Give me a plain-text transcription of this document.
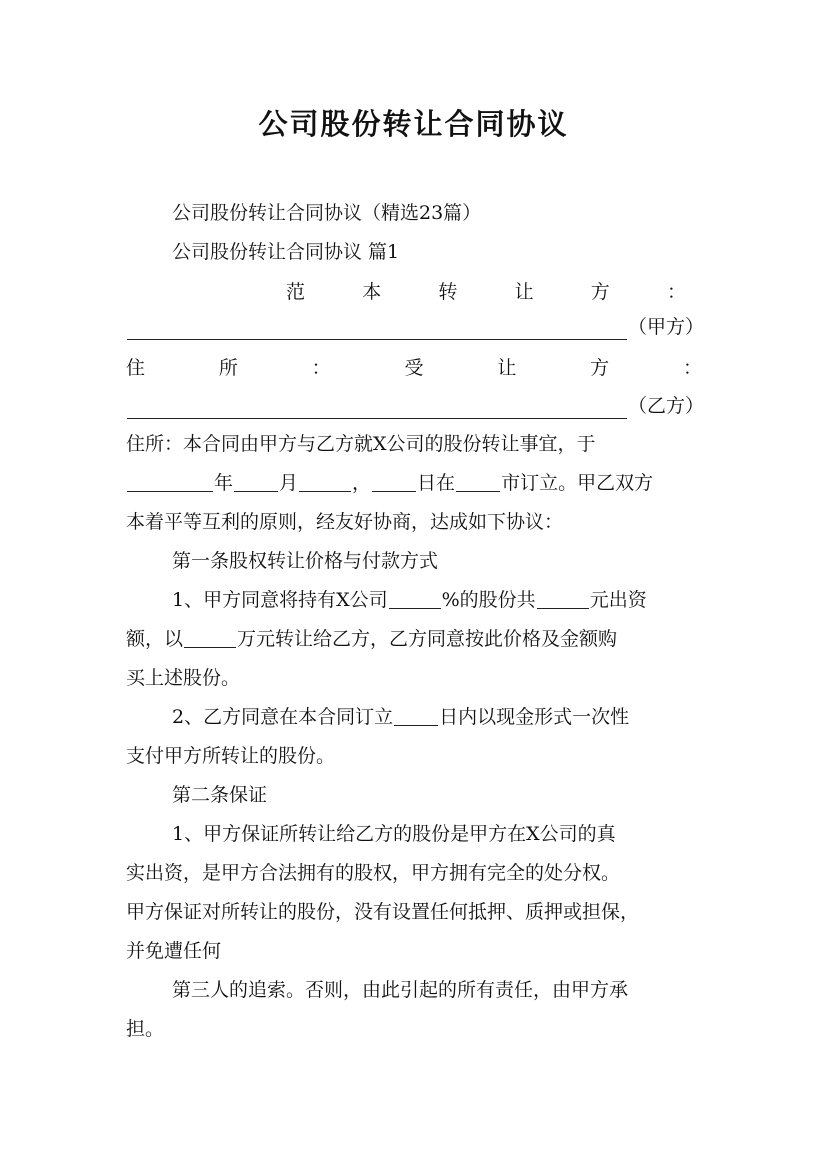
公司股份转让合同协议
公司股份转让合同协议（精选23篇）
公司股份转让合同协议 篇1
范	本	转	让	方	：
（甲方）
住	所	：	受	让	方	：
（乙方）
住所：本合同由甲方与乙方就X公司的股份转让事宜，于
年 月	， 日在 市订立。甲乙双方
本着平等互利的原则，经友好协商，达成如下协议：
第一条股权转让价格与付款方式
1、甲方同意将持有X公司	%的股份共	元出资
额，以	万元转让给乙方，乙方同意按此价格及金额购
买上述股份。
2、乙方同意在本合同订立 日内以现金形式一次性
支付甲方所转让的股份。
第二条保证
1、甲方保证所转让给乙方的股份是甲方在X公司的真
实出资，是甲方合法拥有的股权，甲方拥有完全的处分权。
甲方保证对所转让的股份，没有设置任何抵押、质押或担保，
并免遭任何
第三人的追索。否则，由此引起的所有责任，由甲方承
担。
